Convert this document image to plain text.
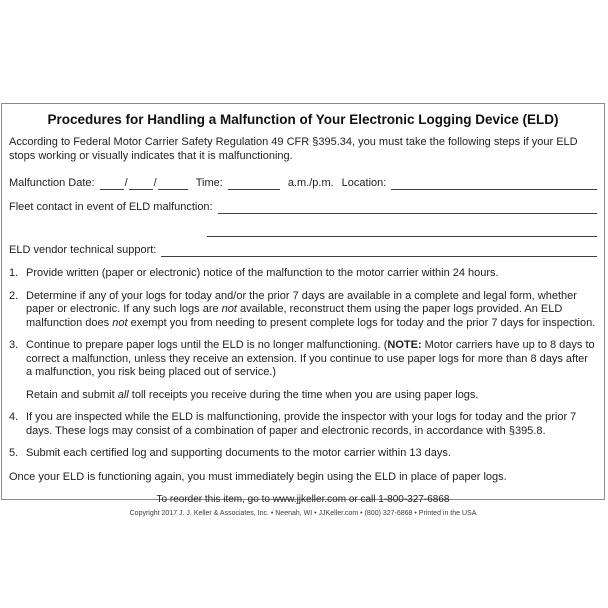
Procedures for Handling a Malfunction of Your Electronic Logging Device (ELD)
According to Federal Motor Carrier Safety Regulation 49 CFR §395.34, you must take the following steps if your ELD stops working or visually indicates that it is malfunctioning.
Malfunction Date:	/ /	Time:	a.m./p.m. Location:
Fleet contact in event of ELD malfunction:
ELD vendor technical support:
1. Provide written (paper or electronic) notice of the malfunction to the motor carrier within 24 hours.
2. Determine if any of your logs for today and/or the prior 7 days are available in a complete and legal form, whether paper or electronic. If any such logs are not available, reconstruct them using the paper logs provided. An ELD malfunction does not exempt you from needing to present complete logs for today and the prior 7 days for inspection.
3. Continue to prepare paper logs until the ELD is no longer malfunctioning. (NOTE: Motor carriers have up to 8 days to correct a malfunction, unless they receive an extension. If you continue to use paper logs for more than 8 days after a malfunction, you risk being placed out of service.)
Retain and submit all toll receipts you receive during the time when you are using paper logs.
4. If you are inspected while the ELD is malfunctioning, provide the inspector with your logs for today and the prior 7 days. These logs may consist of a combination of paper and electronic records, in accordance with §395.8.
5. Submit each certified log and supporting documents to the motor carrier within 13 days.
Once your ELD is functioning again, you must immediately begin using the ELD in place of paper logs.
To reorder this item, go to www.jjkeller.com or call 1-800-327-6868
Copyright 2017 J. J. Keller & Associates, Inc. • Neenah, WI • JJKeller.com • (800) 327-6868 • Printed in the USA
